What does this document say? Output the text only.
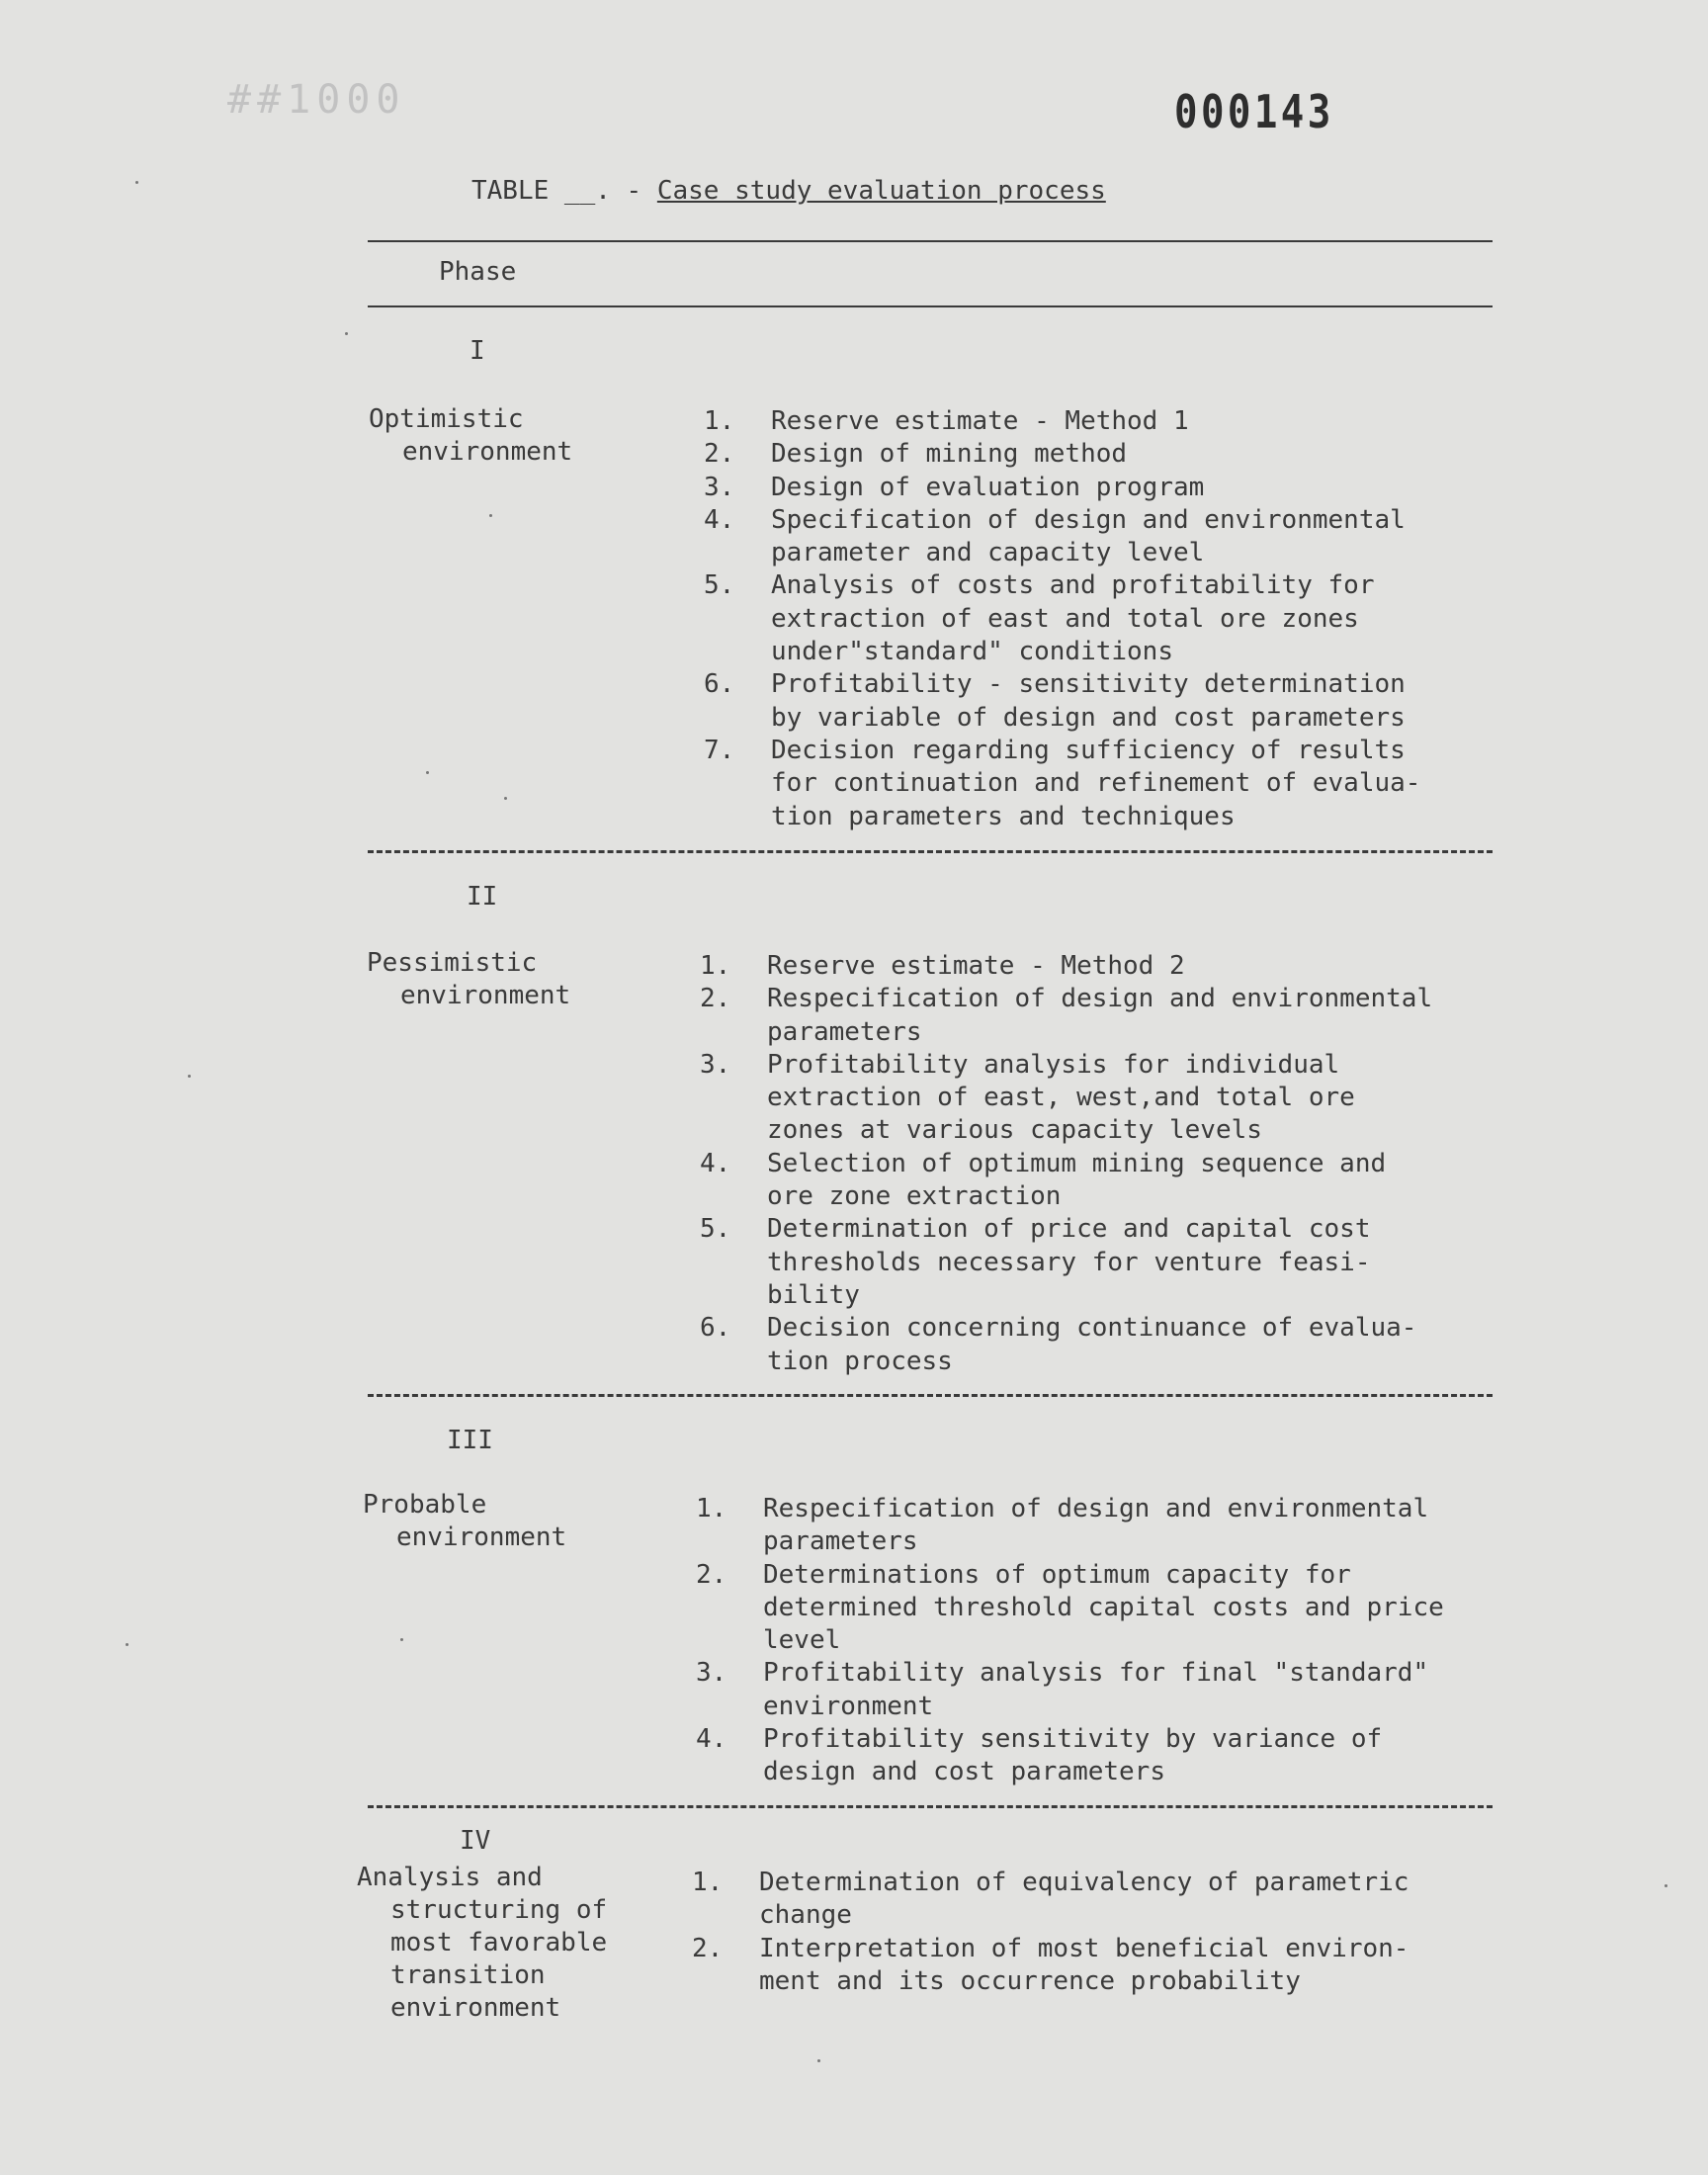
##1000	000143
TABLE __. - Case study evaluation process
Phase
I
Optimistic
environment
1.	Reserve estimate - Method 1
2.	Design of mining method
3.	Design of evaluation program
4.	Specification of design and environmental
parameter and capacity level
5.	Analysis of costs and profitability for
extraction of east and total ore zones
under"standard" conditions
6.	Profitability - sensitivity determination
by variable of design and cost parameters
7.	Decision regarding sufficiency of results
for continuation and refinement of evalua-
tion parameters and techniques
II
Pessimistic
environment
1.	Reserve estimate - Method 2
2.	Respecification of design and environmental
parameters
3.	Profitability analysis for individual
extraction of east, west,and total ore
zones at various capacity levels
4.	Selection of optimum mining sequence and
ore zone extraction
5.	Determination of price and capital cost
thresholds necessary for venture feasi-
bility
6.	Decision concerning continuance of evalua-
tion process
III
Probable
environment
1.	Respecification of design and environmental
parameters
2.	Determinations of optimum capacity for
determined threshold capital costs and price
level
3.	Profitability analysis for final "standard"
environment
4.	Profitability sensitivity by variance of
design and cost parameters
IV
Analysis and
structuring of
most favorable
transition
environment
1.	Determination of equivalency of parametric
change
2.	Interpretation of most beneficial environ-
ment and its occurrence probability
